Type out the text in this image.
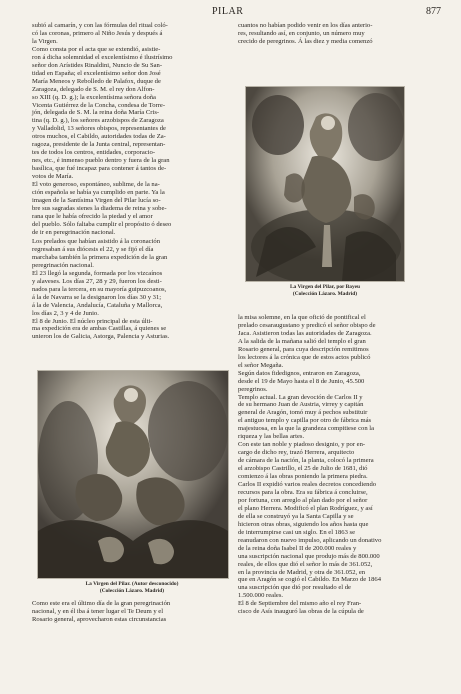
PILAR	877
subió al camarín, y con las fórmulas del ritual coló-
có las coronas, primero al Niño Jesús y después á
la Virgen.
Como consta por el acta que se extendió, asistie-
ron á dicha solemnidad el excelentísimo é ilustrísimo
señor don Arístides Rinaldini, Nuncio de Su San-
tidad en España; el excelentísimo señor don José
María Meneos y Rebolledo de Palafox, duque de
Zaragoza, delegado de S. M. el rey don Alfon-
so XIII (q. D. g.); la excelentísima señora doña
Vicenta Gutiérrez de la Concha, condesa de Torre-
jón, delegada de S. M. la reina doña María Cris-
tina (q. D. g.), los señores arzobispos de Zaragoza
y Valladolid, 13 señores obispos, representantes de
otros muchos, el Cabildo, autoridades todas de Za-
ragoza, presidente de la Junta central, representan-
tes de todos los centros, entidades, corporacio-
nes, etc., é inmenso pueblo dentro y fuera de la gran
basílica, que fué incapaz para contener á tantos de-
votos de María.
El voto generoso, espontáneo, sublime, de la na-
ción española se había ya cumplido en parte. Ya la
imagen de la Santísima Virgen del Pilar lucía so-
bre sus sagradas sienes la diadema de reina y sobe-
rana que le había ofrecido la piedad y el amor
del pueblo. Sólo faltaba cumplir el propósito ó deseo
de ir en peregrinación nacional.
cuantos no habían podido venir en los días anterio-
res, resultando así, en conjunto, un número muy
crecido de peregrinos. Á las diez y media comenzó
La Virgen del Pilar, por Bayeu
(Colección Lázaro. Madrid)
Los prelados que habían asistido á la coronación
regresaban á sus diócesis el 22, y se fijó el día
marchaba también la primera expedición de la gran
peregrinación nacional.
El 23 llegó la segunda, formada por los vizcaínos
y alaveses. Los días 27, 28 y 29, fueron los desti-
nados para la tercera, en su mayoría guipuzcoanos,
á la de Navarra se la designaron los días 30 y 31;
á la de Valencia, Andalucía, Cataluña y Mallorca,
los días 2, 3 y 4 de Junio.
El 8 de Junio. El núcleo principal de esta últi-
ma expedición era de ambas Castillas, á quienes se
unieron los de Galicia, Astorga, Palencia y Asturias.
La Virgen del Pilar. (Autor desconocido)
(Colección Lázaro. Madrid)
Como este era el último día de la gran peregrinación
nacional, y en él iba á tener lugar el Te Deum y el
Rosario general, aprovecharon estas circunstancias
la misa solemne, en la que ofició de pontifical el
prelado cesaraugustano y predicó el señor obispo de
Jaca. Asistieron todas las autoridades de Zaragoza.
A la salida de la mañana salió del templo el gran
Rosario general, para cuya descripción remitimos
los lectores á la crónica que de estos actos publicó
el señor Megaña.
Según datos fidedignos, entraron en Zaragoza,
desde el 19 de Mayo hasta el 8 de Junio, 45.500
peregrinos.
Templo actual. La gran devoción de Carlos II y
de su hermano Juan de Austria, virrey y capitán
general de Aragón, tomó muy á pechos substituir
el antiguo templo y capilla por otro de fábrica más
majestuosa, en la que la grandeza compitiese con la
riqueza y las bellas artes.
Con este tan noble y piadoso designio, y por en-
cargo de dicho rey, trazó Herrera, arquitecto
de cámara de la nación, la planta, colocó la primera
el arzobispo Castrillo, el 25 de Julio de 1681, dió
comienzo á las obras poniendo la primera piedra.
Carlos II expidió varios reales decretos concediendo
recursos para la obra. Era su fábrica á concluirse,
por fortuna, con arreglo al plan dado por el señor
el plano Herrera. Modificó el plan Rodríguez, y así
de ella se construyó ya la Santa Capilla y se
hicieron otras obras, siguiendo los años hasta que
de interrumpirse casi un siglo. En el 1863 se
reanudaron con nuevo impulso, aplicando un donativo
de la reina doña Isabel II de 200.000 reales y
una suscripción nacional que produjo más de 800.000
reales, de ellos que dió el señor lo más de 361.052,
en la provincia de Madrid, y otra de 361.052, en
que en Aragón se cogió el Cabildo. En Marzo de 1864
una suscripción que dió por resultado el de
1.500.000 reales.
El 8 de Septiembre del mismo año el rey Fran-
cisco de Asís inauguró las obras de la cúpula de
